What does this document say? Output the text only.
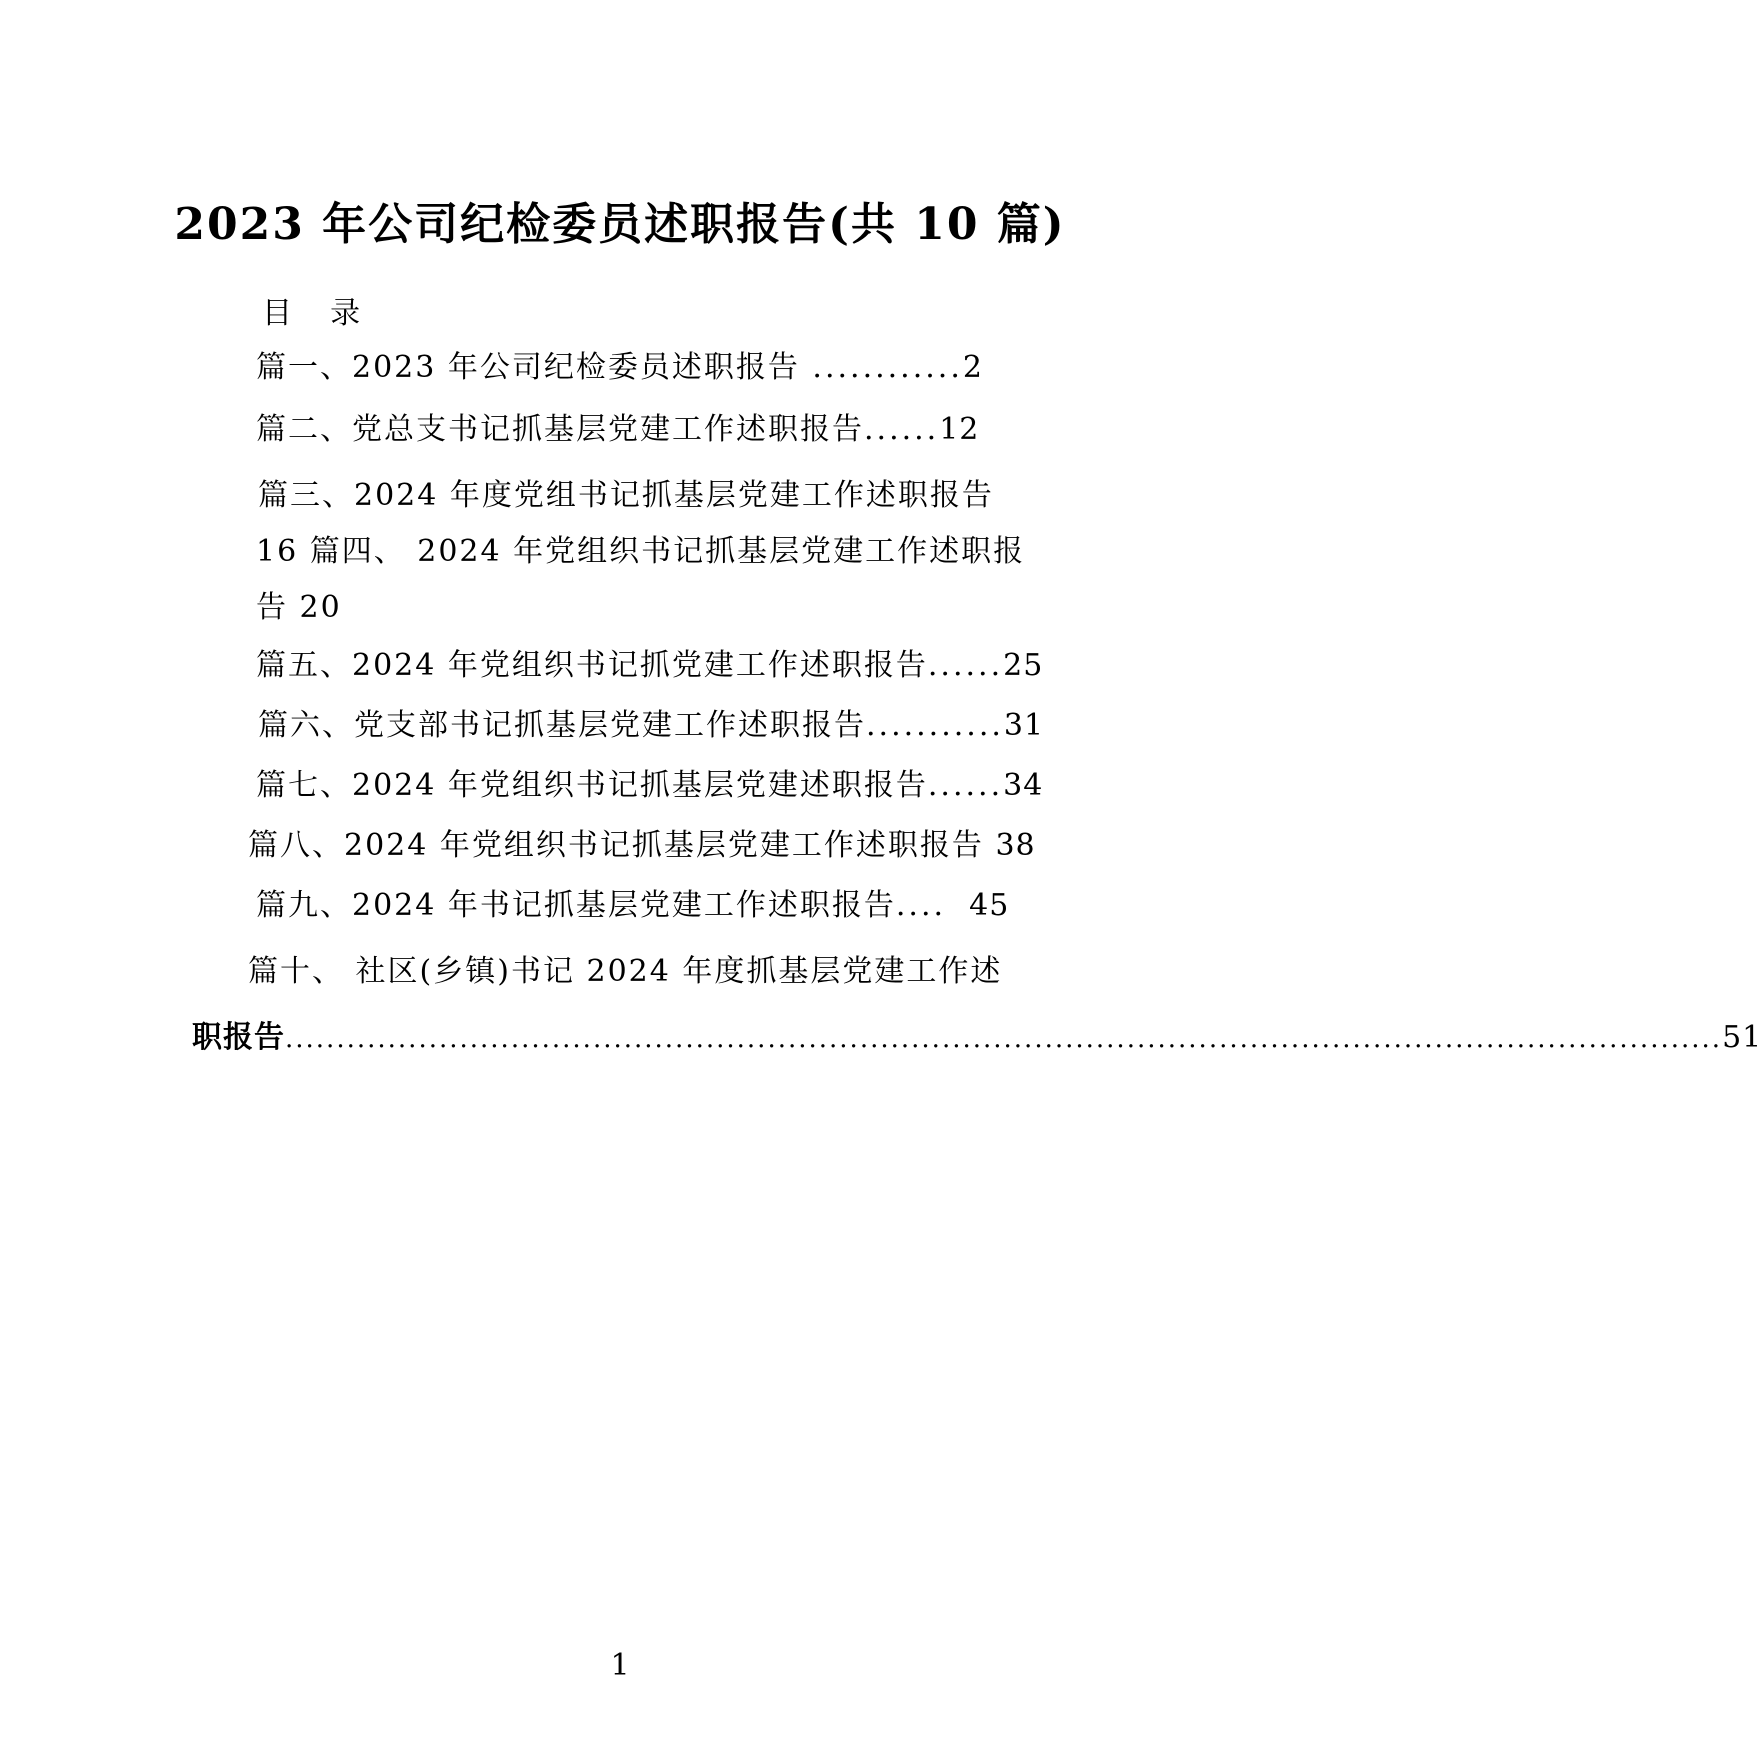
2023 年公司纪检委员述职报告(共 10 篇)
目    录
篇一、2023 年公司纪检委员述职报告 ............2
篇二、党总支书记抓基层党建工作述职报告......12
篇三、2024 年度党组书记抓基层党建工作述职报告
16 篇四、 2024 年党组织书记抓基层党建工作述职报
告 20
篇五、2024 年党组织书记抓党建工作述职报告......25
篇六、党支部书记抓基层党建工作述职报告...........31
篇七、2024 年党组织书记抓基层党建述职报告......34
篇八、2024 年党组织书记抓基层党建工作述职报告 38
篇九、2024 年书记抓基层党建工作述职报告.... 45
篇十、 社区(乡镇)书记 2024 年度抓基层党建工作述
职报告 ............................................................................................................................................ 51
1
